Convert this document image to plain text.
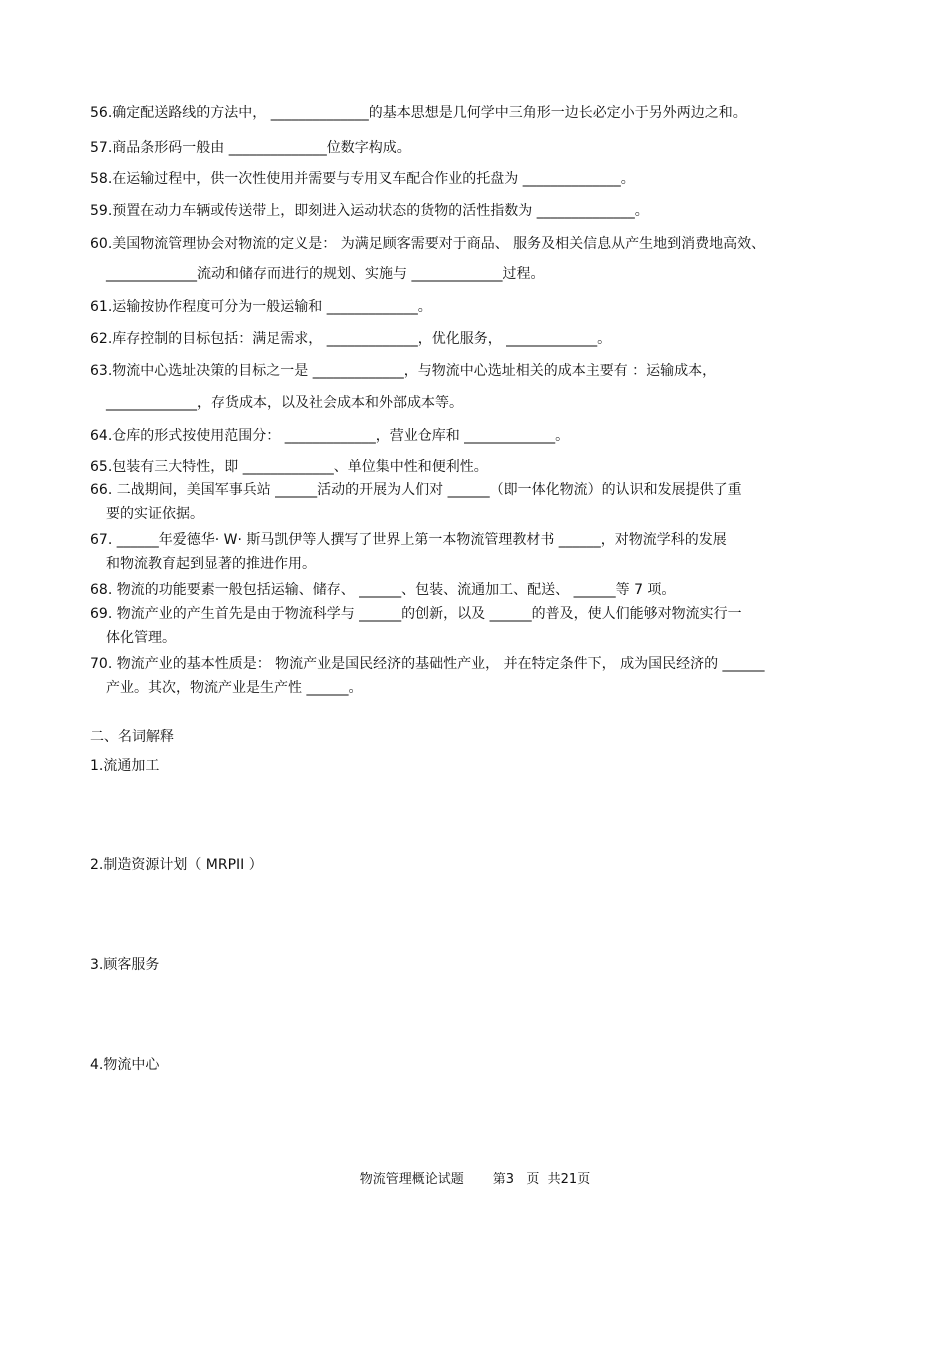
56.确定配送路线的方法中， ______________的基本思想是几何学中三角形一边长必定小于另外两边之和。
57.商品条形码一般由 ______________位数字构成。
58.在运输过程中，供一次性使用并需要与专用叉车配合作业的托盘为 ______________。
59.预置在动力车辆或传送带上，即刻进入运动状态的货物的活性指数为 ______________。
60.美国物流管理协会对物流的定义是： 为满足顾客需要对于商品、 服务及相关信息从产生地到消费地高效、
_____________流动和储存而进行的规划、实施与 _____________过程。
61.运输按协作程度可分为一般运输和 _____________。
62.库存控制的目标包括：满足需求， _____________，优化服务， _____________。
63.物流中心选址决策的目标之一是 _____________，与物流中心选址相关的成本主要有 ：运输成本，
_____________，存货成本，以及社会成本和外部成本等。
64.仓库的形式按使用范围分： _____________，营业仓库和 _____________。
65.包装有三大特性，即 _____________、单位集中性和便利性。
66. 二战期间，美国军事兵站 ______活动的开展为人们对 ______（即一体化物流）的认识和发展提供了重
要的实证依据。
67. ______年爱德华· W· 斯马凯伊等人撰写了世界上第一本物流管理教材书 ______，对物流学科的发展
和物流教育起到显著的推进作用。
68. 物流的功能要素一般包括运输、储存、 ______、包装、流通加工、配送、 ______等 7 项。
69. 物流产业的产生首先是由于物流科学与 ______的创新，以及 ______的普及，使人们能够对物流实行一
体化管理。
70. 物流产业的基本性质是： 物流产业是国民经济的基础性产业， 并在特定条件下， 成为国民经济的 ______
产业。其次，物流产业是生产性 ______。
1.流通加工
2.制造资源计划（ MRPII ）
3.顾客服务
4.物流中心
二、名词解释
物流管理概论试题       第3   页  共21页
